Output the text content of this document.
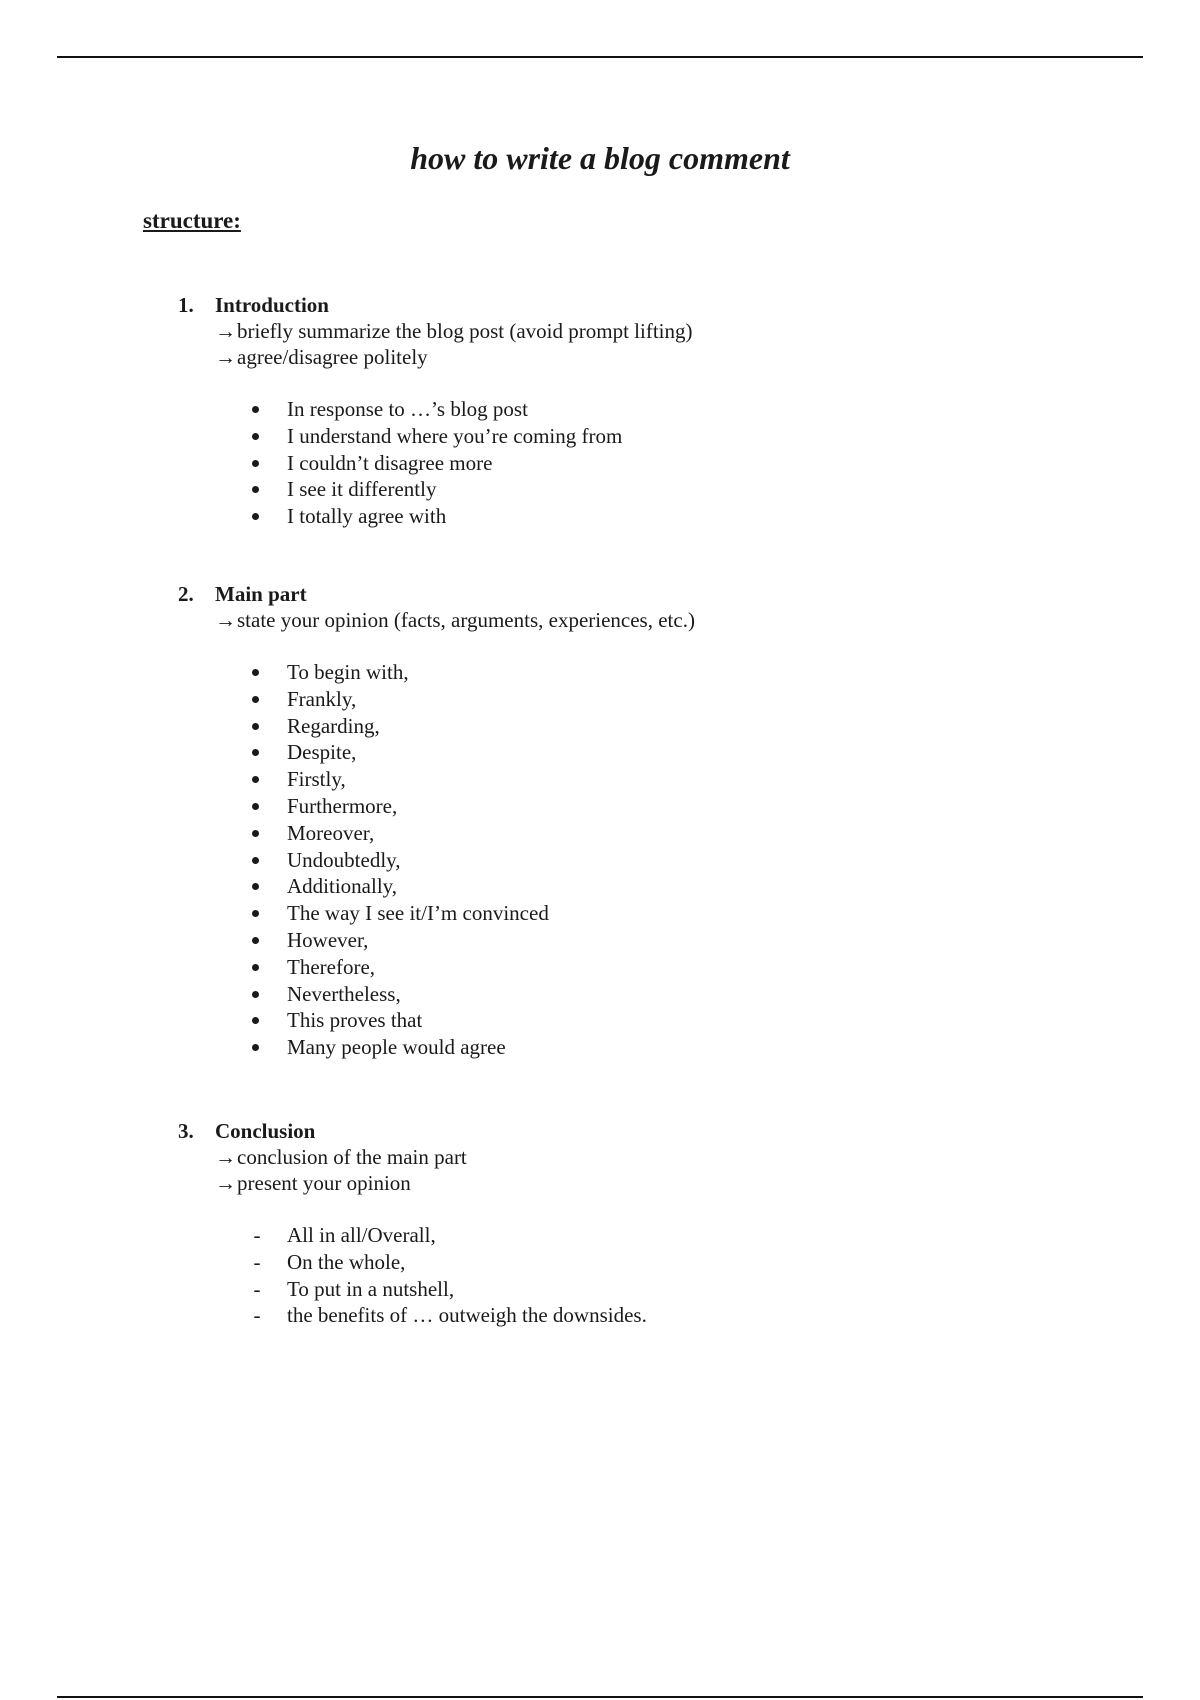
how to write a blog comment

structure:

1. Introduction
→briefly summarize the blog post (avoid prompt lifting)
→agree/disagree politely
In response to …’s blog post
I understand where you’re coming from
I couldn’t disagree more
I see it differently
I totally agree with
2. Main part
→state your opinion (facts, arguments, experiences, etc.)
To begin with,
Frankly,
Regarding,
Despite,
Firstly,
Furthermore,
Moreover,
Undoubtedly,
Additionally,
The way I see it/I’m convinced
However,
Therefore,
Nevertheless,
This proves that
Many people would agree
3. Conclusion
→conclusion of the main part
→present your opinion
- All in all/Overall,
- On the whole,
- To put in a nutshell,
- the benefits of … outweigh the downsides.
